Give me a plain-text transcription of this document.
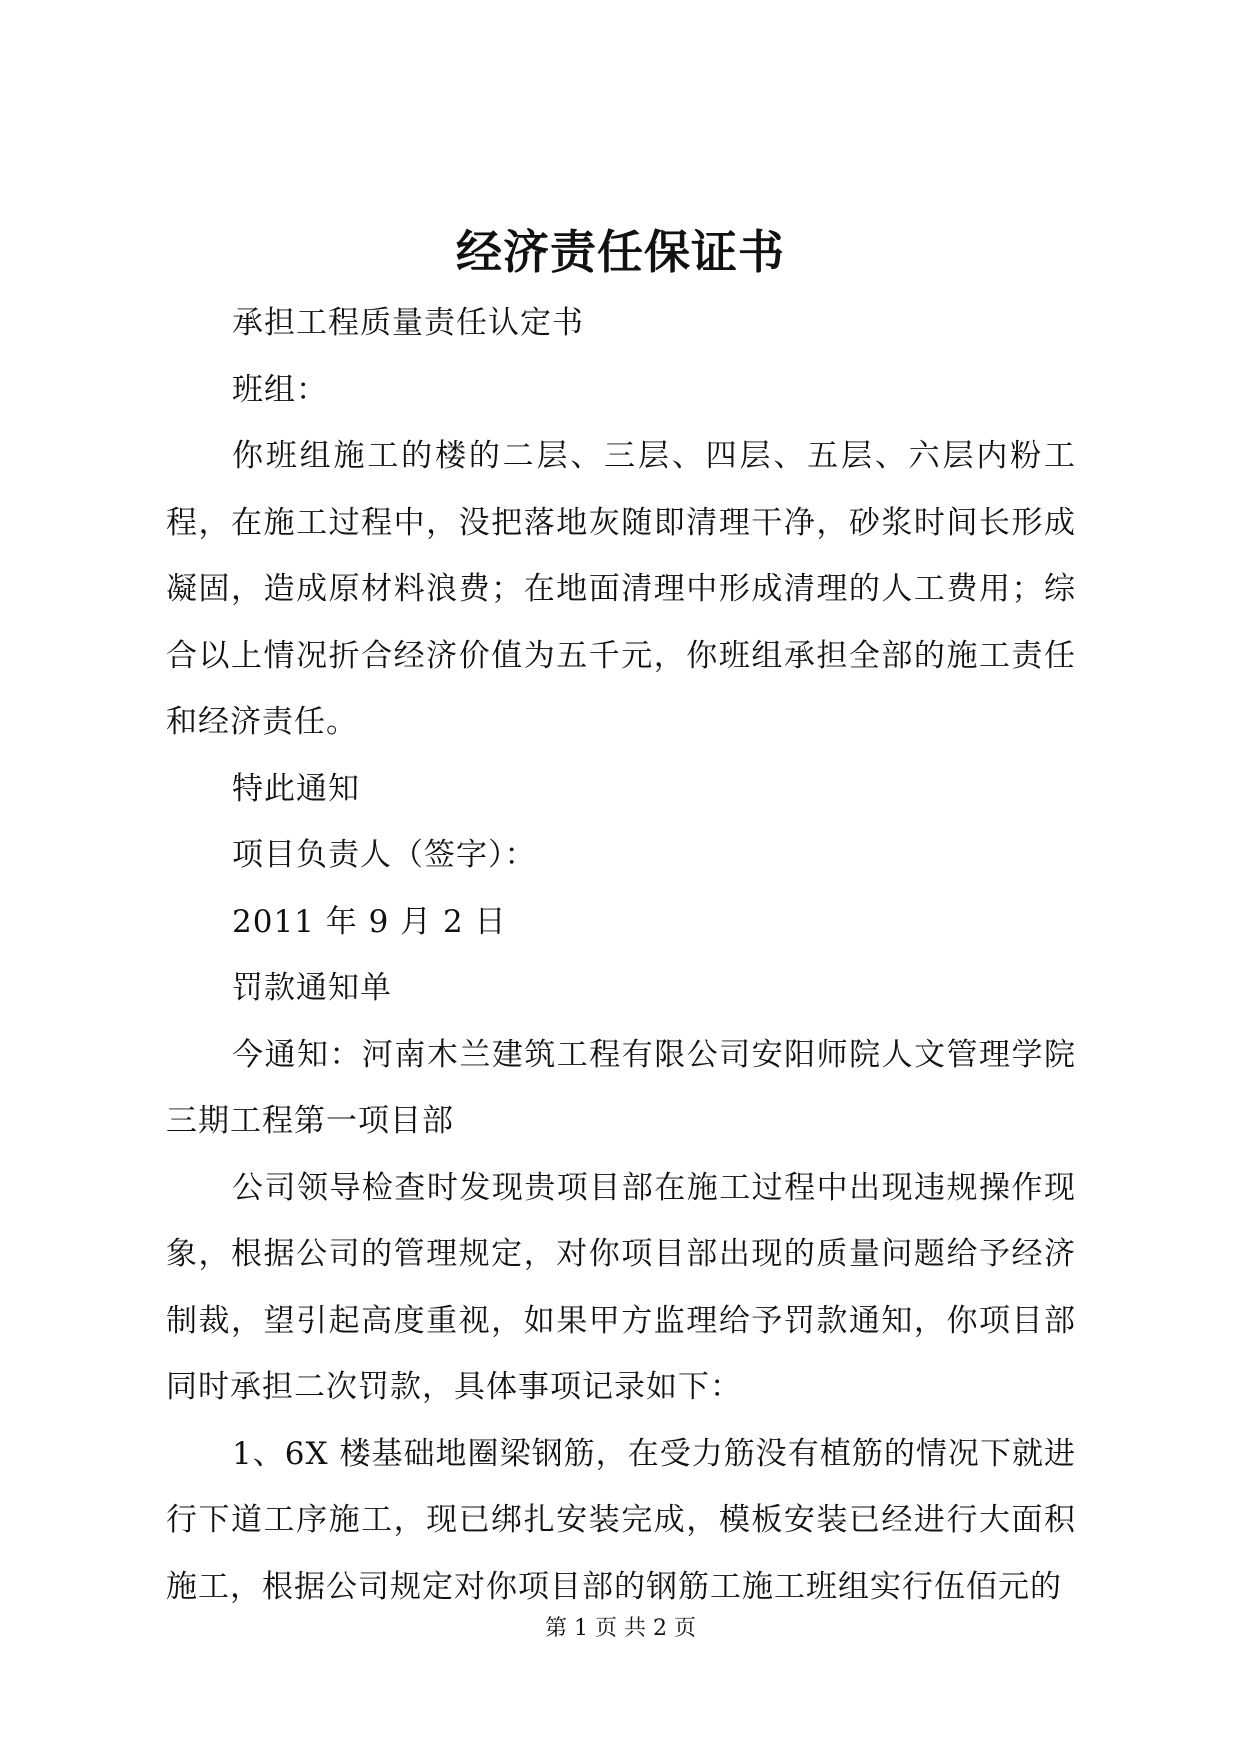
经济责任保证书

承担工程质量责任认定书

班组：

你班组施工的楼的二层、三层、四层、五层、六层内粉工程，在施工过程中，没把落地灰随即清理干净，砂浆时间长形成凝固，造成原材料浪费；在地面清理中形成清理的人工费用；综合以上情况折合经济价值为五千元，你班组承担全部的施工责任和经济责任。

特此通知

项目负责人（签字）：

2011 年 9 月 2 日

罚款通知单

今通知：河南木兰建筑工程有限公司安阳师院人文管理学院三期工程第一项目部

公司领导检查时发现贵项目部在施工过程中出现违规操作现象，根据公司的管理规定，对你项目部出现的质量问题给予经济制裁，望引起高度重视，如果甲方监理给予罚款通知，你项目部同时承担二次罚款，具体事项记录如下：

1、6X 楼基础地圈梁钢筋，在受力筋没有植筋的情况下就进行下道工序施工，现已绑扎安装完成，模板安装已经进行大面积施工，根据公司规定对你项目部的钢筋工施工班组实行伍佰元的

第 1 页 共 2 页
